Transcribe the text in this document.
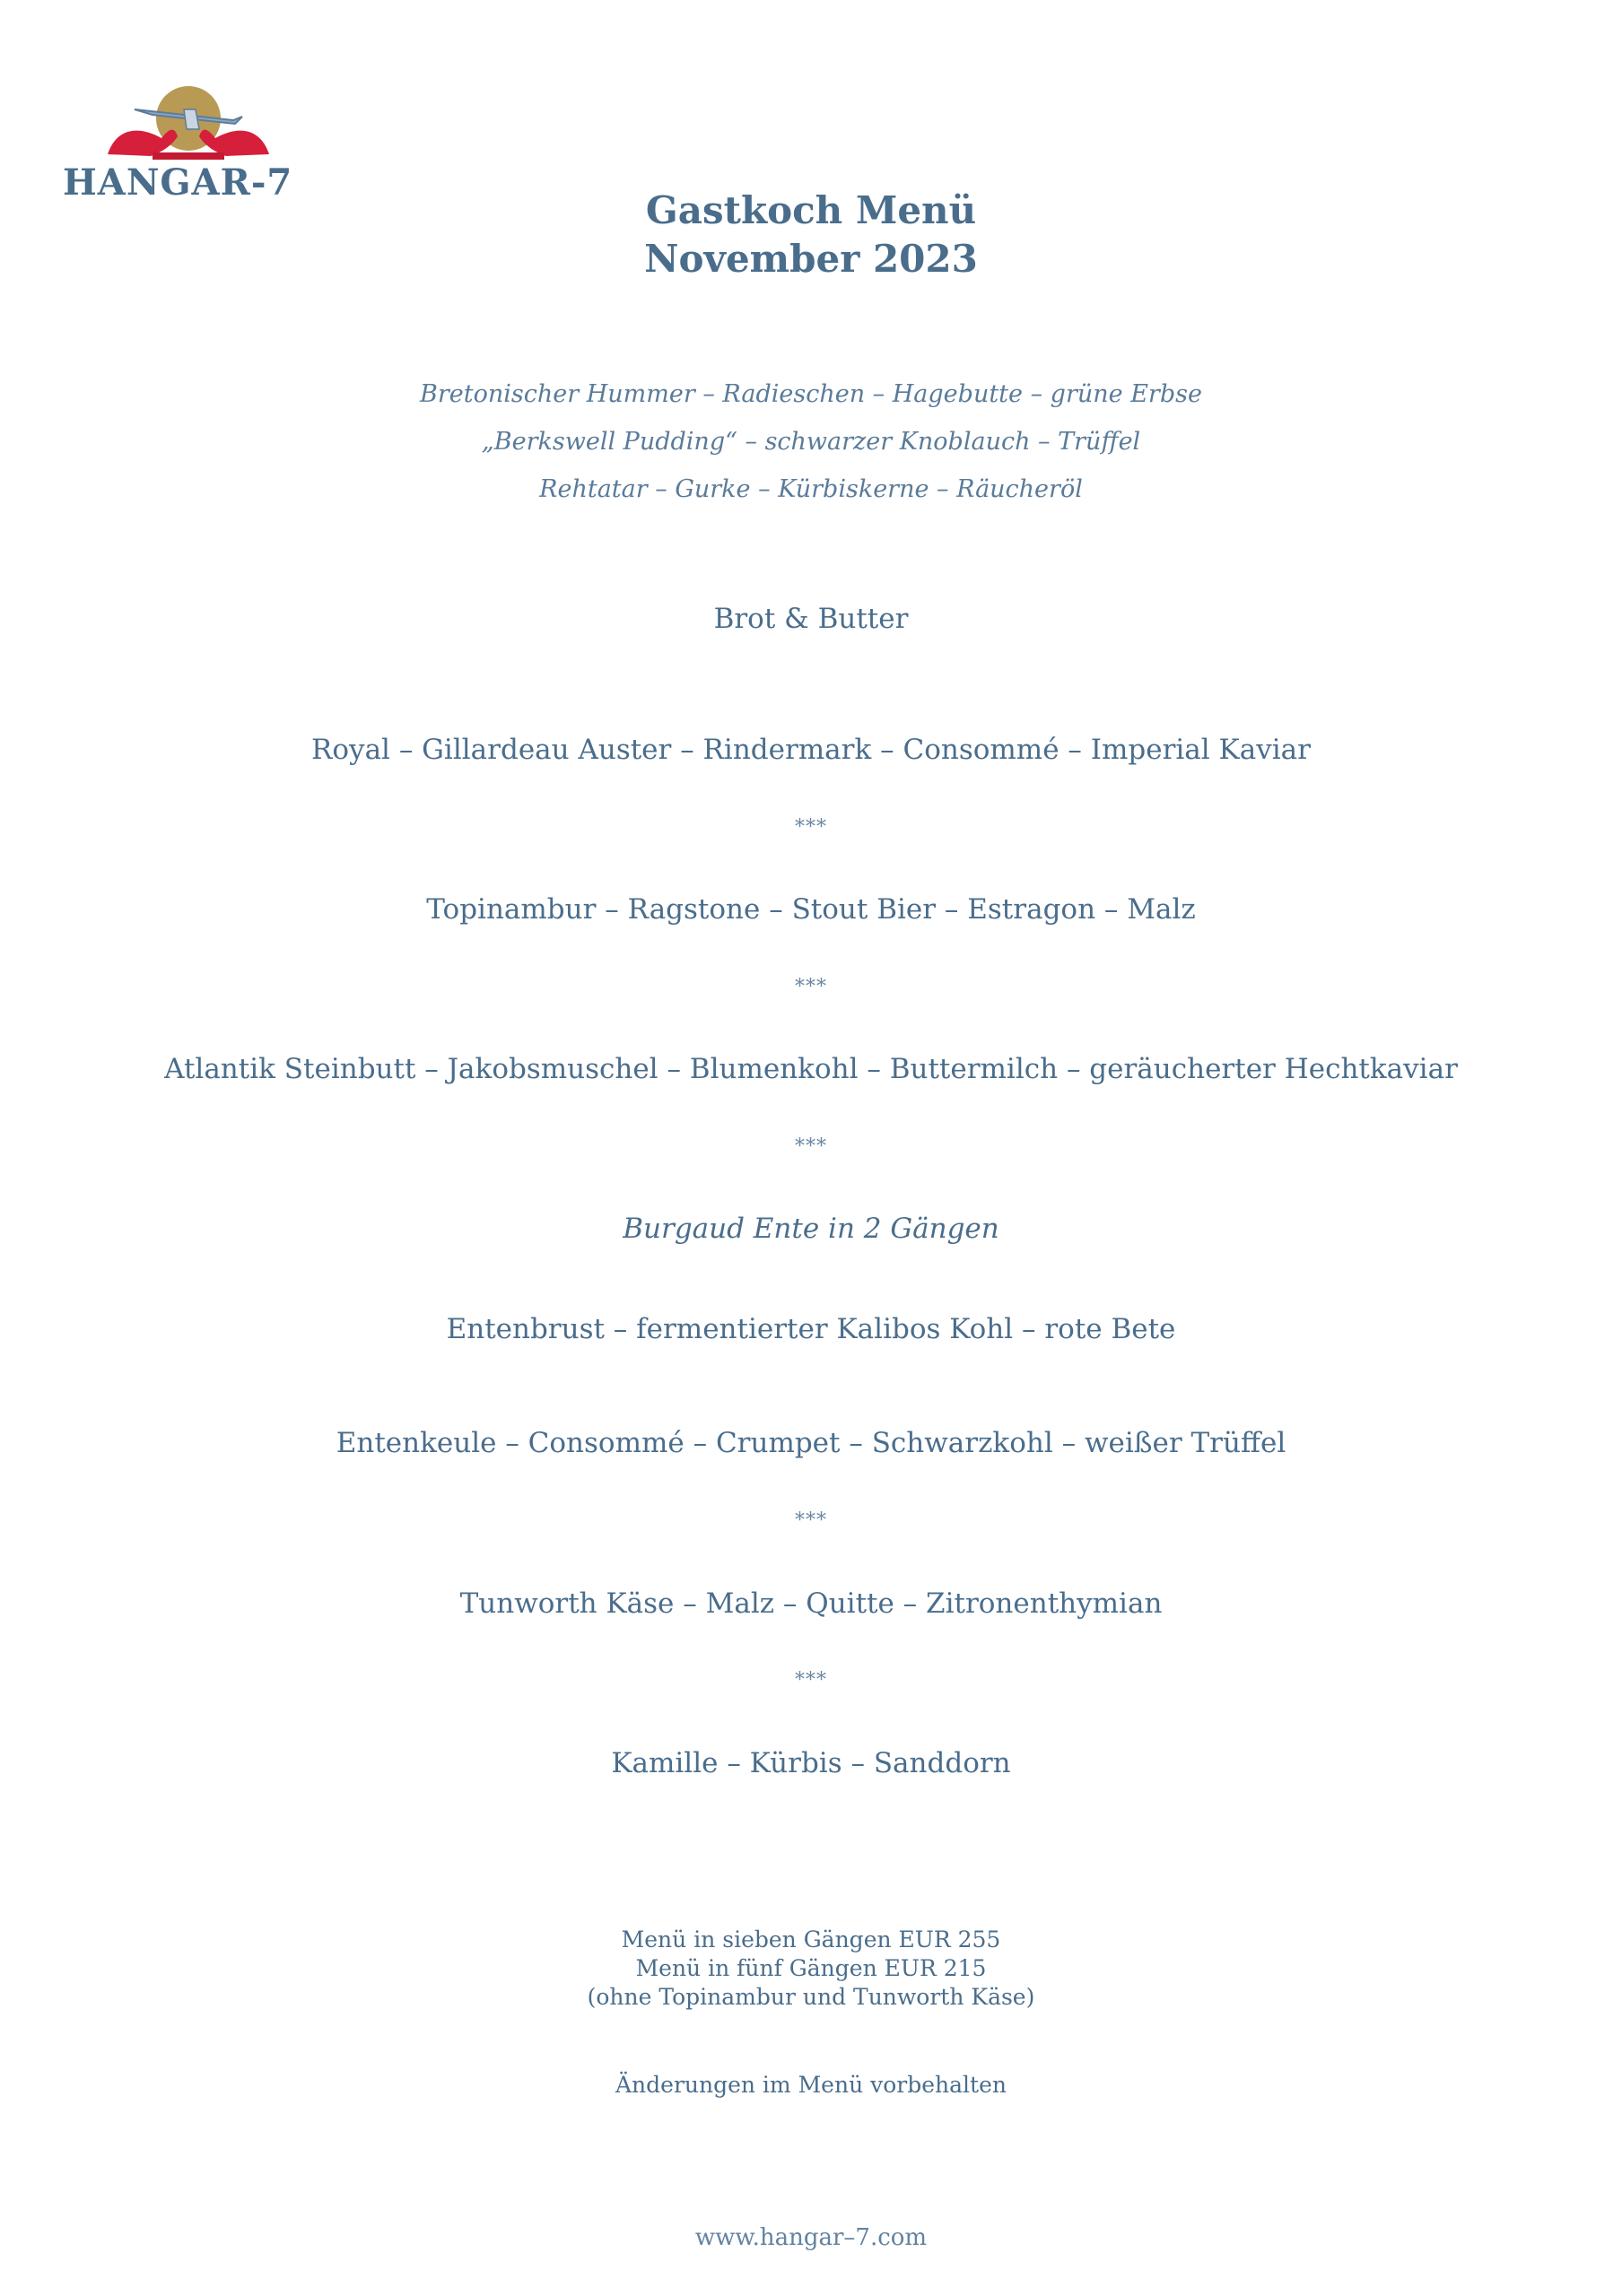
HANGAR-7
Gastkoch Menü
November 2023
Bretonischer Hummer – Radieschen – Hagebutte – grüne Erbse
„Berkswell Pudding“ – schwarzer Knoblauch – Trüffel
Rehtatar – Gurke – Kürbiskerne – Räucheröl
Brot & Butter
Royal – Gillardeau Auster – Rindermark – Consommé – Imperial Kaviar
***
Topinambur – Ragstone – Stout Bier – Estragon – Malz
***
Atlantik Steinbutt – Jakobsmuschel – Blumenkohl – Buttermilch – geräucherter Hechtkaviar
***
Burgaud Ente in 2 Gängen
Entenbrust – fermentierter Kalibos Kohl – rote Bete
Entenkeule – Consommé – Crumpet – Schwarzkohl – weißer Trüffel
***
Tunworth Käse – Malz – Quitte – Zitronenthymian
***
Kamille – Kürbis – Sanddorn
Menü in sieben Gängen EUR 255
Menü in fünf Gängen EUR 215
(ohne Topinambur und Tunworth Käse)
Änderungen im Menü vorbehalten
www.hangar–7.com
